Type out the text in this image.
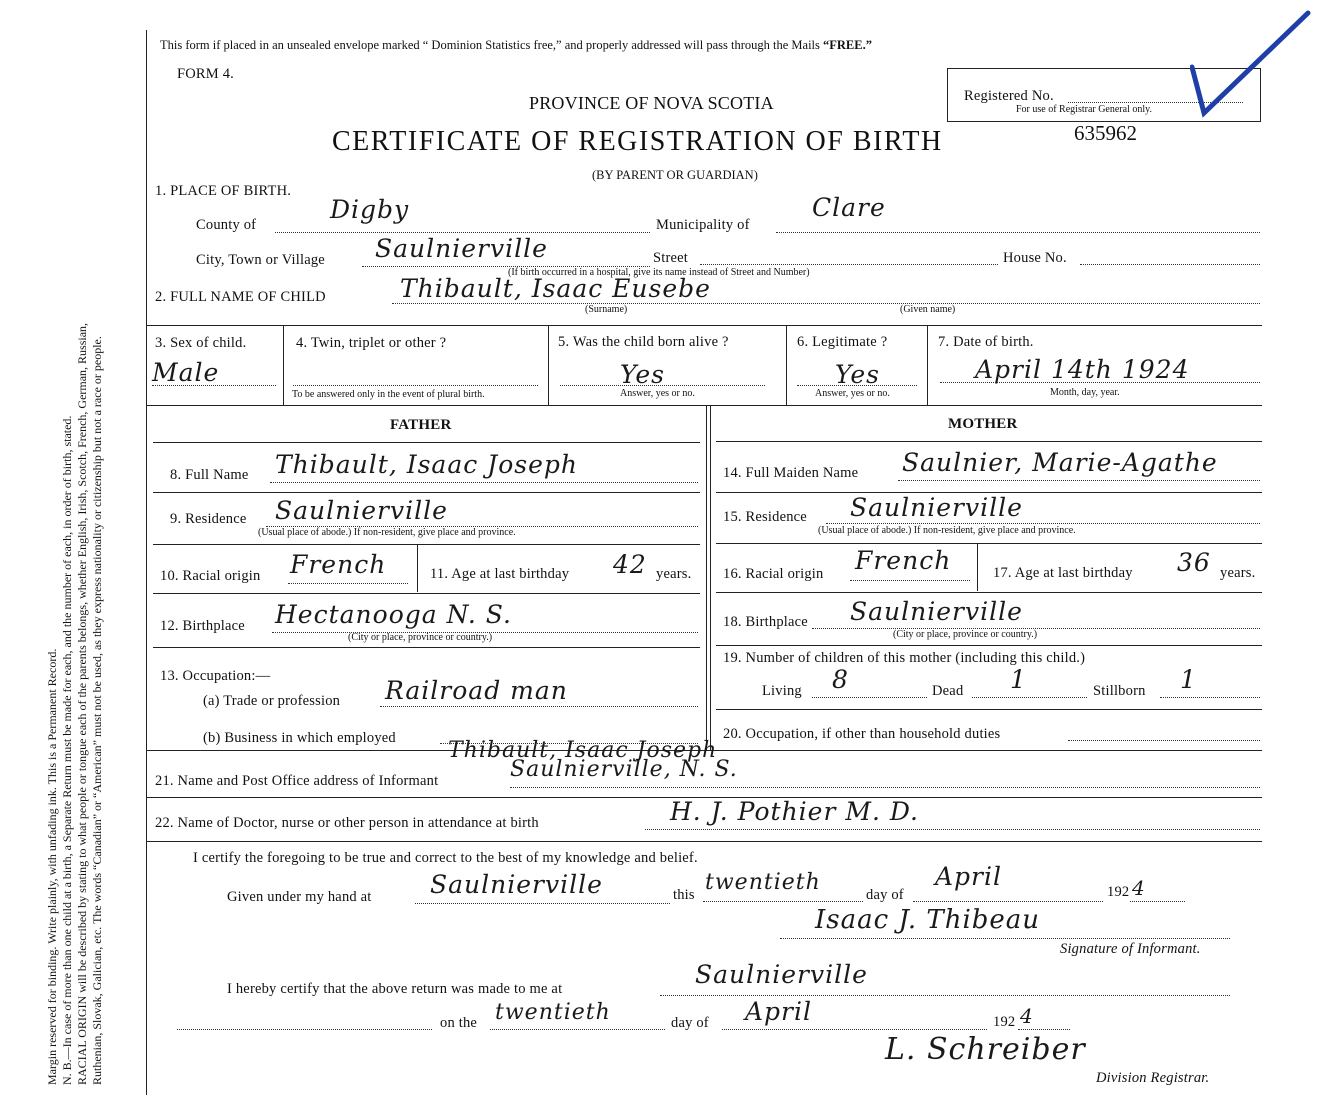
Margin reserved for binding. Write plainly, with unfading ink. This is a Permanent Record. N. B.—In case of more than one child at a birth, a Separate Return must be made for each, and the number of each, in order of birth, stated. RACIAL ORIGIN will be described by stating to what people or tongue each of the parents belongs, whether English, Irish, Scotch, French, German, Russian, Ruthenian, Slovak, Galician, etc. The words “Canadian” or “American” must not be used, as they express nationality or citizenship but not a race or people.
This form if placed in an unsealed envelope marked “ Dominion Statistics free,” and properly addressed will pass through the Mails “FREE.”
FORM 4.
PROVINCE OF NOVA SCOTIA
CERTIFICATE OF REGISTRATION OF BIRTH
(BY PARENT OR GUARDIAN)
Registered No.
For use of Registrar General only.
635962
1. PLACE OF BIRTH.
County of
Digby
Municipality of
Clare
City, Town or Village Saulnierville	Street	House No.
(If birth occurred in a hospital, give its name instead of Street and Number)
2. FULL NAME OF CHILD	Thibault, Isaac Eusebe
(Surname)	(Given name)
3. Sex of child.
Male
4. Twin, triplet or other ?
To be answered only in the event of plural birth.
5. Was the child born alive ?
Yes
Answer, yes or no.
6. Legitimate ?
Yes
Answer, yes or no.
7. Date of birth.
April 14th 1924
Month, day, year.
FATHER	MOTHER
8. Full Name Thibault, Isaac Joseph
9. Residence Saulnierville
(Usual place of abode.) If non-resident, give place and province.
10. Racial origin French	11. Age at last birthday 42 years.
12. Birthplace Hectanooga N. S.
(City or place, province or country.)
13. Occupation:—
(a) Trade or profession Railroad man
(b) Business in which employed
14. Full Maiden Name Saulnier, Marie-Agathe
15. Residence Saulnierville
(Usual place of abode.) If non-resident, give place and province.
16. Racial origin French	17. Age at last birthday 36 years.
18. Birthplace Saulnierville
(City or place, province or country.)
19. Number of children of this mother (including this child.)
Living 8	Dead 1	Stillborn 1
20. Occupation, if other than household duties
Thibault, Isaac Joseph
21. Name and Post Office address of Informant	Saulnierville, N. S.
22. Name of Doctor, nurse or other person in attendance at birth	H. J. Pothier M. D.
I certify the foregoing to be true and correct to the best of my knowledge and belief.
Given under my hand at Saulnierville	this twentieth	day of
April
192 4
Isaac J. Thibeau
Signature of Informant.
I hereby certify that the above return was made to me at	Saulnierville
on the twentieth	day of April	192 4
L. Schreiber
Division Registrar.
